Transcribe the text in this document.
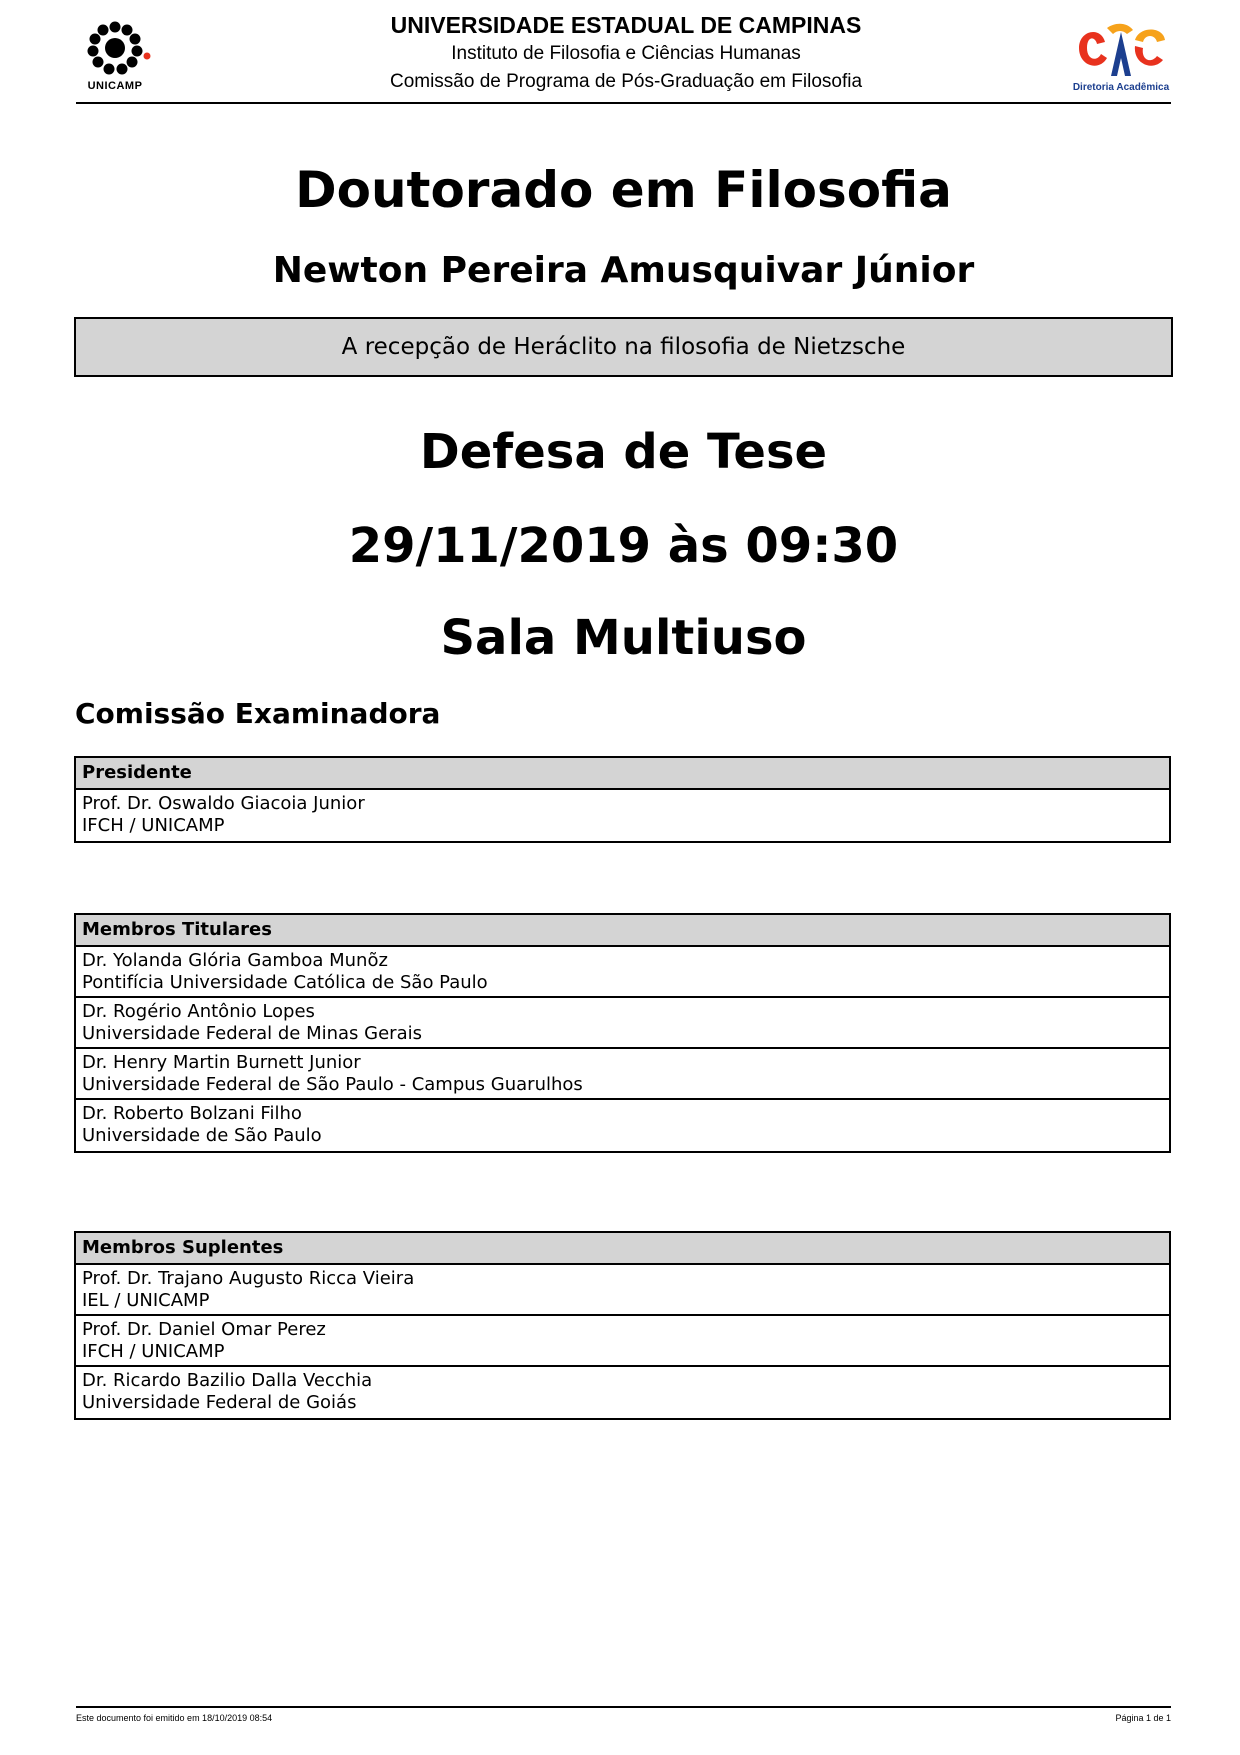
UNICAMP
UNIVERSIDADE ESTADUAL DE CAMPINAS
Instituto de Filosofia e Ciências Humanas
Comissão de Programa de Pós-Graduação em Filosofia	Diretoria Acadêmica
Doutorado em Filosofia
Newton Pereira Amusquivar Júnior
A recepção de Heráclito na filosofia de Nietzsche
Defesa de Tese
29/11/2019 às 09:30
Sala Multiuso
Comissão Examinadora
Presidente
Prof. Dr. Oswaldo Giacoia Junior
IFCH / UNICAMP
Membros Titulares
Dr. Yolanda Glória Gamboa Munõz
Pontifícia Universidade Católica de São Paulo
Dr. Rogério Antônio Lopes
Universidade Federal de Minas Gerais
Dr. Henry Martin Burnett Junior
Universidade Federal de São Paulo - Campus Guarulhos
Dr. Roberto Bolzani Filho
Universidade de São Paulo
Membros Suplentes
Prof. Dr. Trajano Augusto Ricca Vieira
IEL / UNICAMP
Prof. Dr. Daniel Omar Perez
IFCH / UNICAMP
Dr. Ricardo Bazilio Dalla Vecchia
Universidade Federal de Goiás
Este documento foi emitido em 18/10/2019 08:54	Página 1 de 1
